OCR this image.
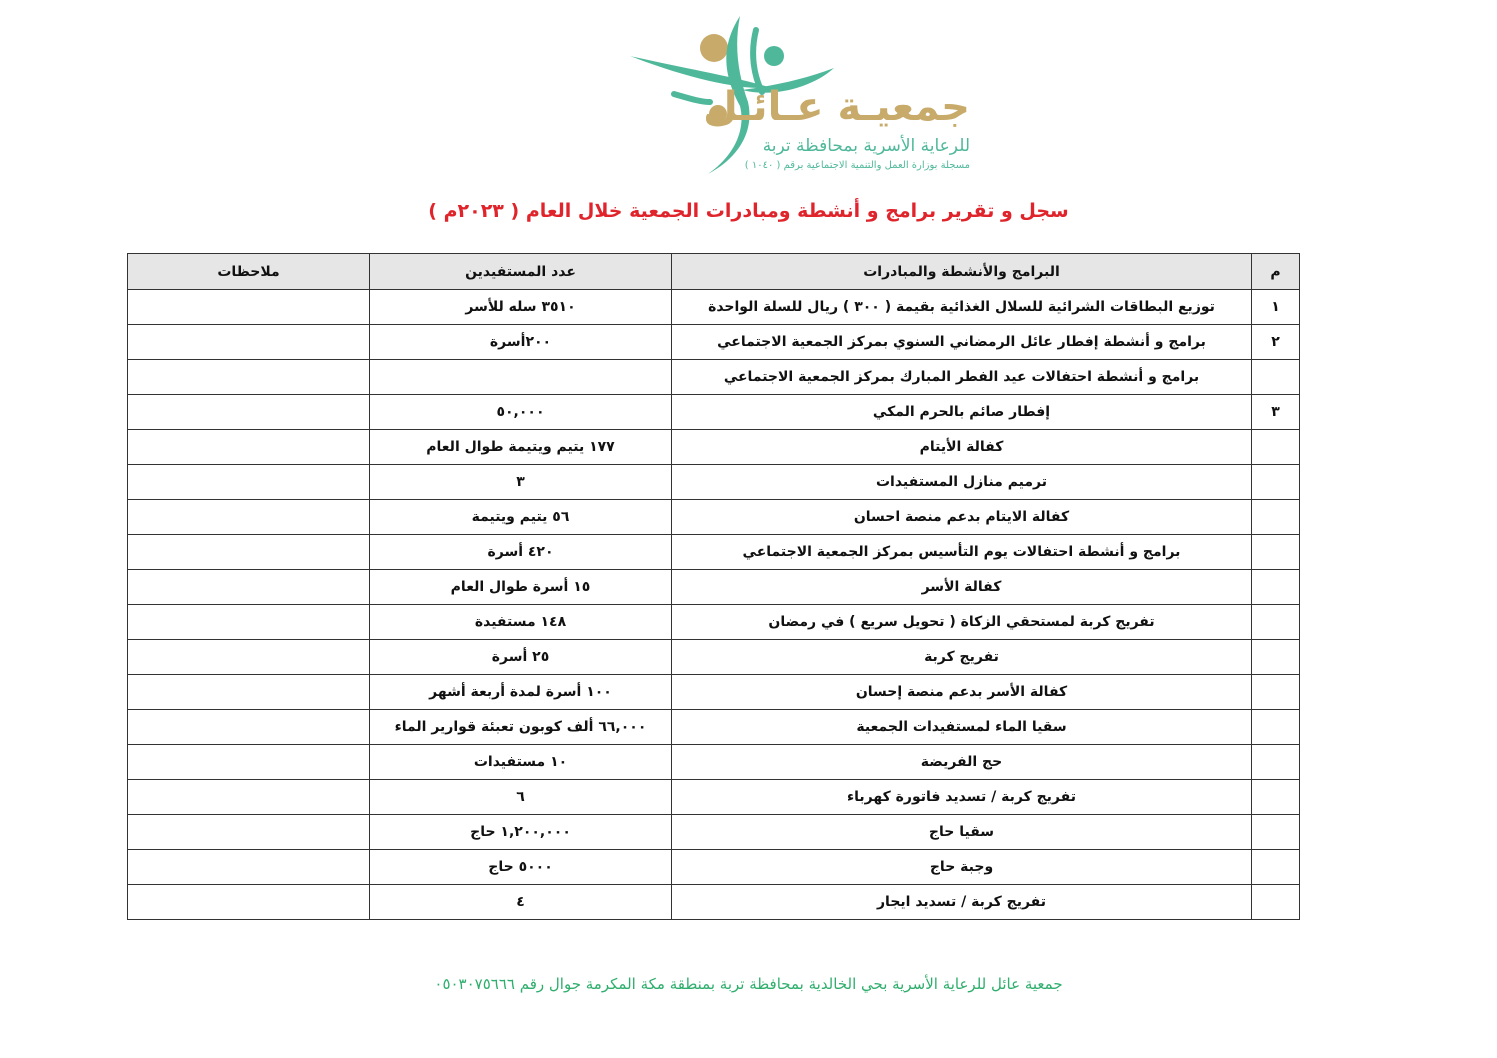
جمعيـة عـائـل
للرعاية الأسرية بمحافظة تربة
مسجلة بوزارة العمل والتنمية الاجتماعية برقم ( ١٠٤٠ )
سجل و تقرير برامج و أنشطة ومبادرات الجمعية خلال العام ( ٢٠٢٣م )
م	البرامج والأنشطة والمبادرات	عدد المستفيدين	ملاحظات
١	توزيع البطاقات الشرائية للسلال الغذائية بقيمة ( ٣٠٠ ) ريال للسلة الواحدة	٣٥١٠ سله للأسر	
٢	برامج و أنشطة إفطار عائل الرمضاني السنوي بمركز الجمعية الاجتماعي	٢٠٠أسرة	
	برامج و أنشطة احتفالات عيد الفطر المبارك بمركز الجمعية الاجتماعي		
٣	إفطار صائم بالحرم المكي	٥٠,٠٠٠	
	كفالة الأيتام	١٧٧ يتيم ويتيمة طوال العام	
	ترميم منازل المستفيدات	٣	
	كفالة الايتام بدعم منصة احسان	٥٦ يتيم ويتيمة	
	برامج و أنشطة احتفالات يوم التأسيس بمركز الجمعية الاجتماعي	٤٢٠ أسرة	
	كفالة الأسر	١٥ أسرة طوال العام	
	تفريج كربة لمستحقي الزكاة ( تحويل سريع ) في رمضان	١٤٨ مستفيدة	
	تفريج كربة	٢٥ أسرة	
	كفالة الأسر بدعم منصة إحسان	١٠٠ أسرة لمدة أربعة أشهر	
	سقيا الماء لمستفيدات الجمعية	٦٦,٠٠٠ ألف كوبون تعبئة قوارير الماء	
	حج الفريضة	١٠ مستفيدات	
	تفريج كربة / تسديد فاتورة كهرباء	٦	
	سقيا حاج	١,٢٠٠,٠٠٠ حاج	
	وجبة حاج	٥٠٠٠ حاج	
	تفريج كربة / تسديد ايجار	٤	
جمعية عائل للرعاية الأسرية بحي الخالدية بمحافظة تربة بمنطقة مكة المكرمة جوال رقم ٠٥٠٣٠٧٥٦٦٦
